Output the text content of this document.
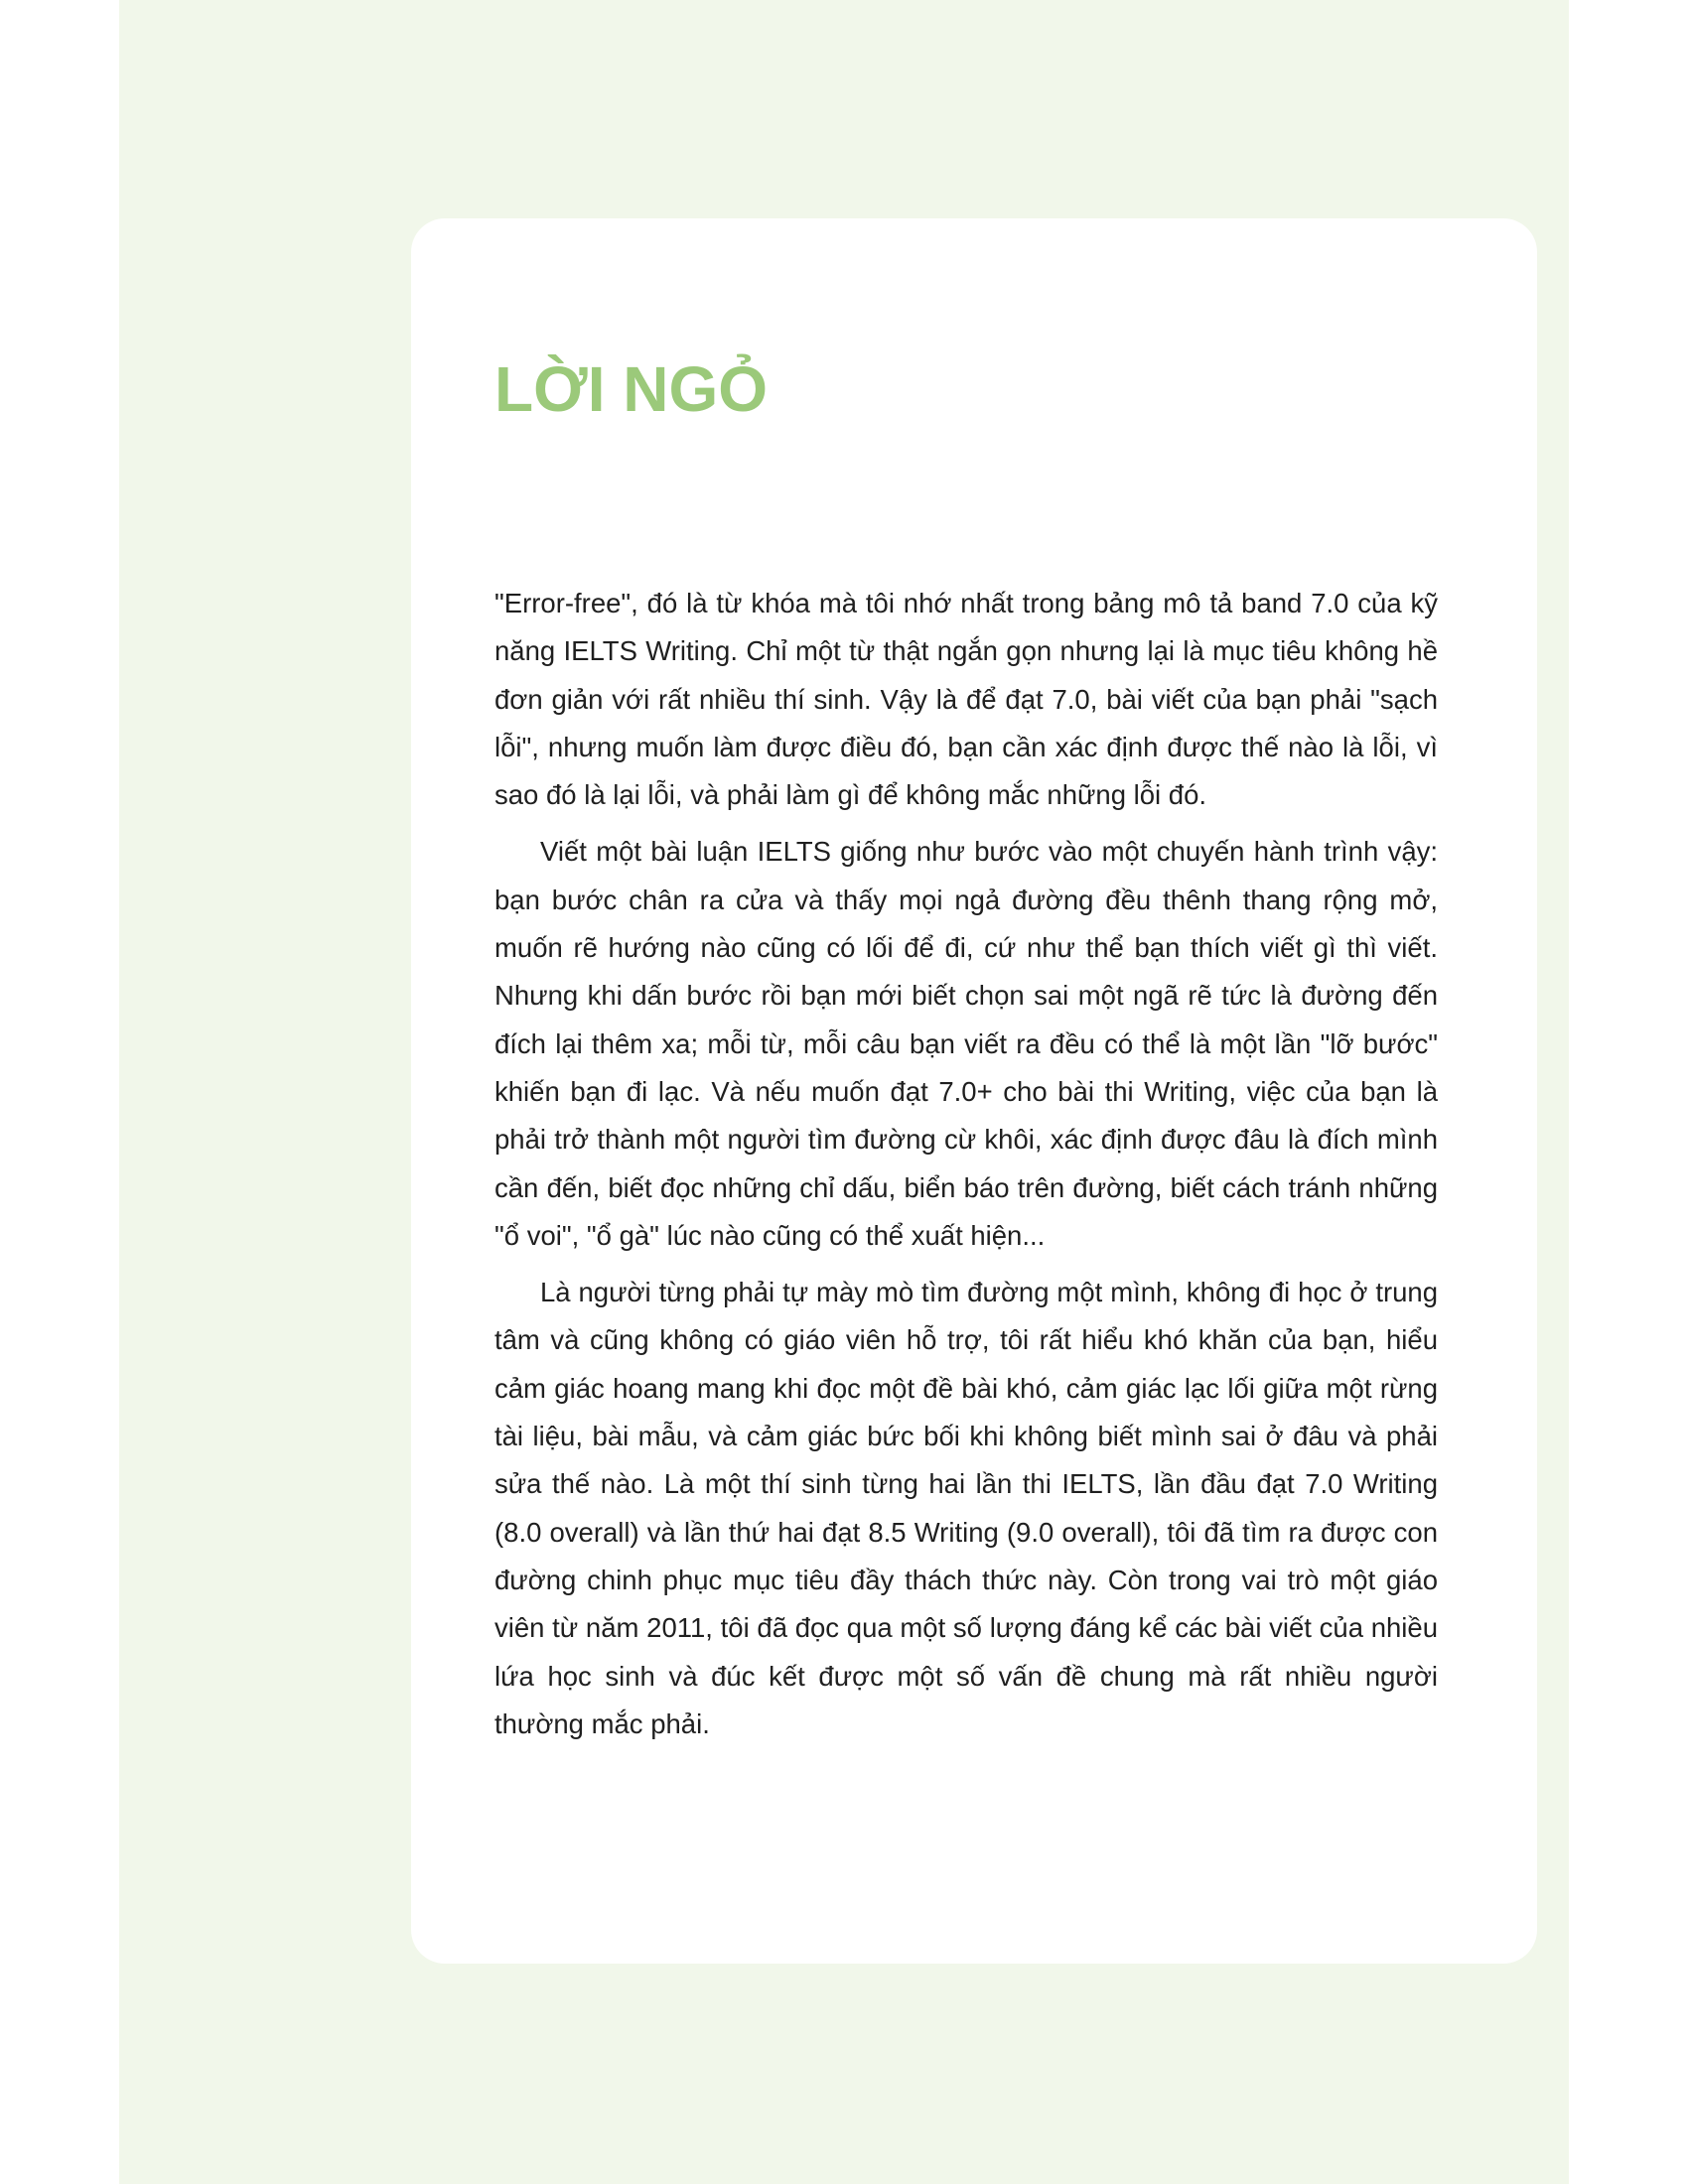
LỜI NGỎ

"Error-free", đó là từ khóa mà tôi nhớ nhất trong bảng mô tả band 7.0 của kỹ năng IELTS Writing. Chỉ một từ thật ngắn gọn nhưng lại là mục tiêu không hề đơn giản với rất nhiều thí sinh. Vậy là để đạt 7.0, bài viết của bạn phải "sạch lỗi", nhưng muốn làm được điều đó, bạn cần xác định được thế nào là lỗi, vì sao đó là lại lỗi, và phải làm gì để không mắc những lỗi đó.

Viết một bài luận IELTS giống như bước vào một chuyến hành trình vậy: bạn bước chân ra cửa và thấy mọi ngả đường đều thênh thang rộng mở, muốn rẽ hướng nào cũng có lối để đi, cứ như thể bạn thích viết gì thì viết. Nhưng khi dấn bước rồi bạn mới biết chọn sai một ngã rẽ tức là đường đến đích lại thêm xa; mỗi từ, mỗi câu bạn viết ra đều có thể là một lần "lỡ bước" khiến bạn đi lạc. Và nếu muốn đạt 7.0+ cho bài thi Writing, việc của bạn là phải trở thành một người tìm đường cừ khôi, xác định được đâu là đích mình cần đến, biết đọc những chỉ dấu, biển báo trên đường, biết cách tránh những "ổ voi", "ổ gà" lúc nào cũng có thể xuất hiện...

Là người từng phải tự mày mò tìm đường một mình, không đi học ở trung tâm và cũng không có giáo viên hỗ trợ, tôi rất hiểu khó khăn của bạn, hiểu cảm giác hoang mang khi đọc một đề bài khó, cảm giác lạc lối giữa một rừng tài liệu, bài mẫu, và cảm giác bức bối khi không biết mình sai ở đâu và phải sửa thế nào. Là một thí sinh từng hai lần thi IELTS, lần đầu đạt 7.0 Writing (8.0 overall) và lần thứ hai đạt 8.5 Writing (9.0 overall), tôi đã tìm ra được con đường chinh phục mục tiêu đầy thách thức này. Còn trong vai trò một giáo viên từ năm 2011, tôi đã đọc qua một số lượng đáng kể các bài viết của nhiều lứa học sinh và đúc kết được một số vấn đề chung mà rất nhiều người thường mắc phải.
